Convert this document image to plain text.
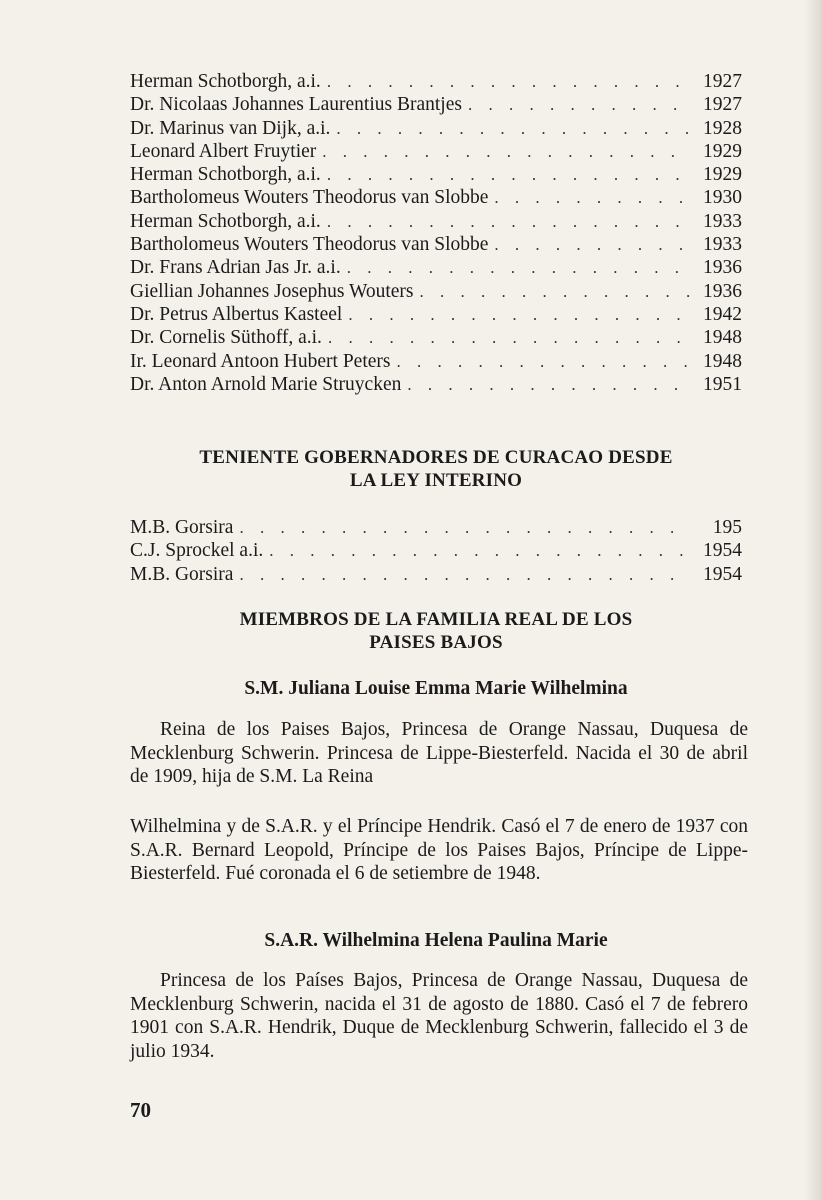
Herman Schotborgh, a.i. . . .	1927
Dr. Nicolaas Johannes Laurentius Brantjes . . .	1927
Dr. Marinus van Dijk, a.i. . . .	1928
Leonard Albert Fruytier . . .	1929
Herman Schotborgh, a.i. . . .	1929
Bartholomeus Wouters Theodorus van Slobbe . . .	1930
Herman Schotborgh, a.i. . . .	1933
Bartholomeus Wouters Theodorus van Slobbe . . .	1933
Dr. Frans Adrian Jas Jr. a.i. . . .	1936
Giellian Johannes Josephus Wouters . . .	1936
Dr. Petrus Albertus Kasteel . . .	1942
Dr. Cornelis Süthoff, a.i. . . .	1948
Ir. Leonard Antoon Hubert Peters . . .	1948
Dr. Anton Arnold Marie Struycken . . .	1951
TENIENTE GOBERNADORES DE CURACAO DESDE
LA LEY INTERINO
M.B. Gorsira . . .	195
C.J. Sprockel a.i. . . .	1954
M.B. Gorsira . . .	1954
MIEMBROS DE LA FAMILIA REAL DE LOS
PAISES BAJOS
S.M. Juliana Louise Emma Marie Wilhelmina

Reina de los Paises Bajos, Princesa de Orange Nassau, Duquesa de Mecklenburg Schwerin. Princesa de Lippe-Biesterfeld. Nacida el 30 de abril de 1909, hija de S.M. La Reina

Wilhelmina y de S.A.R. y el Príncipe Hendrik. Casó el 7 de enero de 1937 con S.A.R. Bernard Leopold, Príncipe de los Paises Bajos, Príncipe de Lippe-Biesterfeld. Fué coronada el 6 de setiembre de 1948.

S.A.R. Wilhelmina Helena Paulina Marie

Princesa de los Países Bajos, Princesa de Orange Nassau, Duquesa de Mecklenburg Schwerin, nacida el 31 de agosto de 1880. Casó el 7 de febrero 1901 con S.A.R. Hendrik, Duque de Mecklenburg Schwerin, fallecido el 3 de julio 1934.

70
